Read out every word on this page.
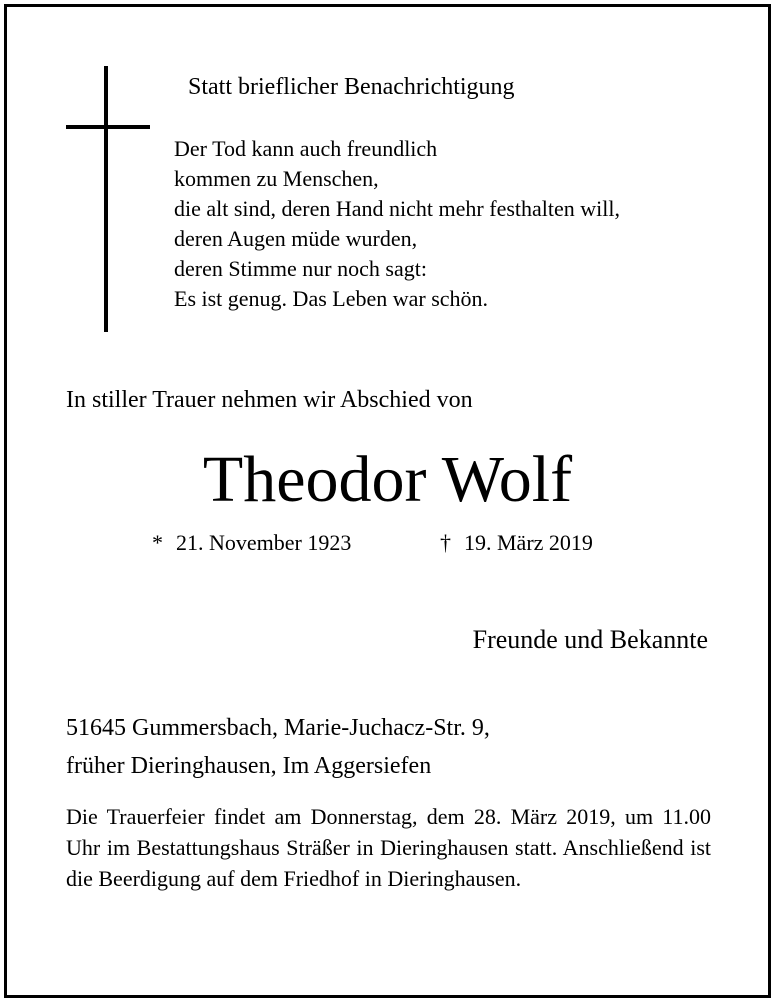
Statt brieflicher Benachrichtigung
Der Tod kann auch freundlich
kommen zu Menschen,
die alt sind, deren Hand nicht mehr festhalten will,
deren Augen müde wurden,
deren Stimme nur noch sagt:
Es ist genug. Das Leben war schön.
In stiller Trauer nehmen wir Abschied von
Theodor Wolf
* 21. November 1923	† 19. März 2019
Freunde und Bekannte
51645 Gummersbach, Marie-Juchacz-Str. 9,
früher Dieringhausen, Im Aggersiefen
Die Trauerfeier findet am Donnerstag, dem 28. März 2019, um 11.00 Uhr im Bestattungshaus Sträßer in Dieringhausen statt. Anschließend ist die Beerdigung auf dem Friedhof in Dieringhausen.
